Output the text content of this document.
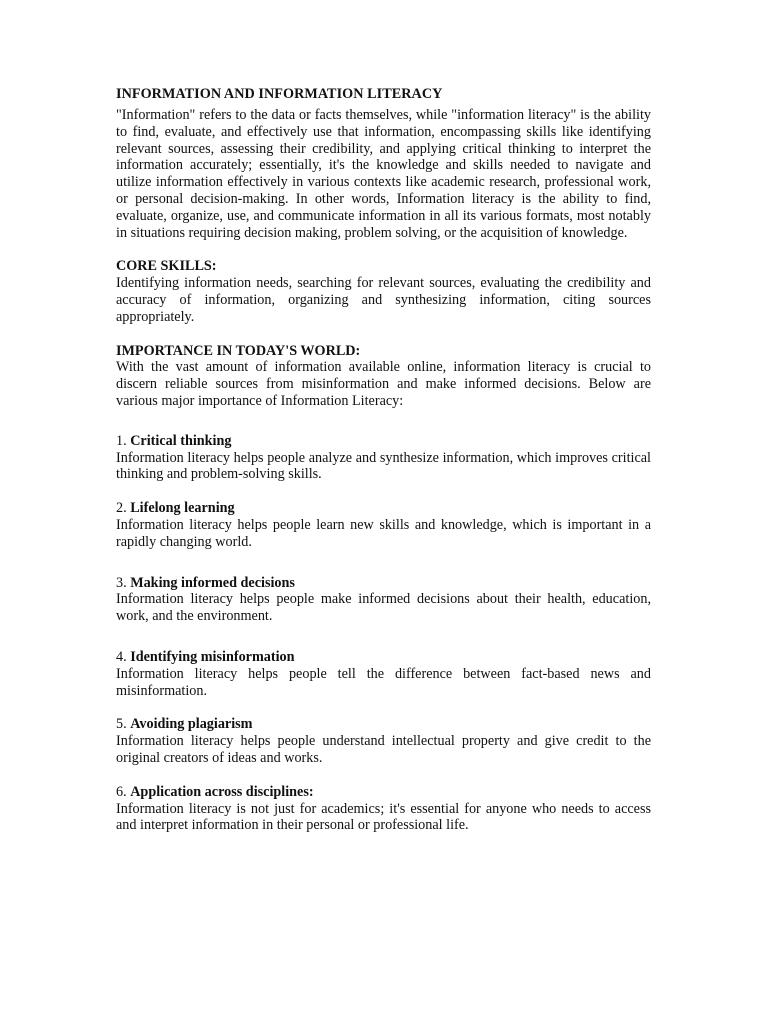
INFORMATION AND INFORMATION LITERACY

"Information" refers to the data or facts themselves, while "information literacy" is the ability to find, evaluate, and effectively use that information, encompassing skills like identifying relevant sources, assessing their credibility, and applying critical thinking to interpret the information accurately; essentially, it's the knowledge and skills needed to navigate and utilize information effectively in various contexts like academic research, professional work, or personal decision-making. In other words, Information literacy is the ability to find, evaluate, organize, use, and communicate information in all its various formats, most notably in situations requiring decision making, problem solving, or the acquisition of knowledge.

CORE SKILLS:

Identifying information needs, searching for relevant sources, evaluating the credibility and accuracy of information, organizing and synthesizing information, citing sources appropriately.

IMPORTANCE IN TODAY'S WORLD:

With the vast amount of information available online, information literacy is crucial to discern reliable sources from misinformation and make informed decisions. Below are various major importance of Information Literacy:

1. Critical thinking

Information literacy helps people analyze and synthesize information, which improves critical thinking and problem-solving skills.

2. Lifelong learning

Information literacy helps people learn new skills and knowledge, which is important in a rapidly changing world.

3. Making informed decisions

Information literacy helps people make informed decisions about their health, education, work, and the environment.

4. Identifying misinformation

Information literacy helps people tell the difference between fact-based news and misinformation.

5. Avoiding plagiarism

Information literacy helps people understand intellectual property and give credit to the original creators of ideas and works.

6. Application across disciplines:

Information literacy is not just for academics; it's essential for anyone who needs to access and interpret information in their personal or professional life.
